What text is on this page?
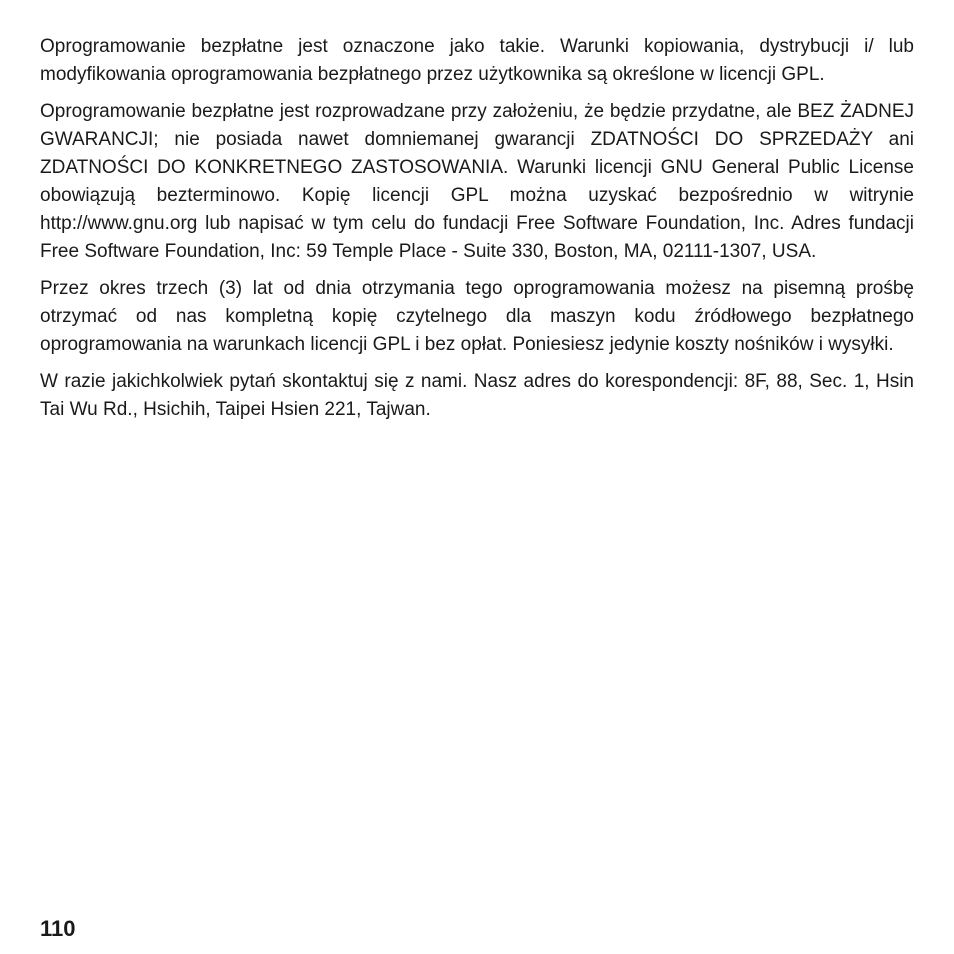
Oprogramowanie bezpłatne jest oznaczone jako takie. Warunki kopiowania, dystrybucji i/ lub modyfikowania oprogramowania bezpłatnego przez użytkownika są określone w licencji GPL.

Oprogramowanie bezpłatne jest rozprowadzane przy założeniu, że będzie przydatne, ale BEZ ŻADNEJ GWARANCJI; nie posiada nawet domniemanej gwarancji ZDATNOŚCI DO SPRZEDAŻY ani ZDATNOŚCI DO KONKRETNEGO ZASTOSOWANIA. Warunki licencji GNU General Public License obowiązują bezterminowo. Kopię licencji GPL można uzyskać bezpośrednio w witrynie http://www.gnu.org lub napisać w tym celu do fundacji Free Software Foundation, Inc. Adres fundacji Free Software Foundation, Inc: 59 Temple Place - Suite 330, Boston, MA, 02111-1307, USA.

Przez okres trzech (3) lat od dnia otrzymania tego oprogramowania możesz na pisemną prośbę otrzymać od nas kompletną kopię czytelnego dla maszyn kodu źródłowego bezpłatnego oprogramowania na warunkach licencji GPL i bez opłat. Poniesiesz jedynie koszty nośników i wysyłki.

W razie jakichkolwiek pytań skontaktuj się z nami. Nasz adres do korespondencji: 8F, 88, Sec. 1, Hsin Tai Wu Rd., Hsichih, Taipei Hsien 221, Tajwan.

110
